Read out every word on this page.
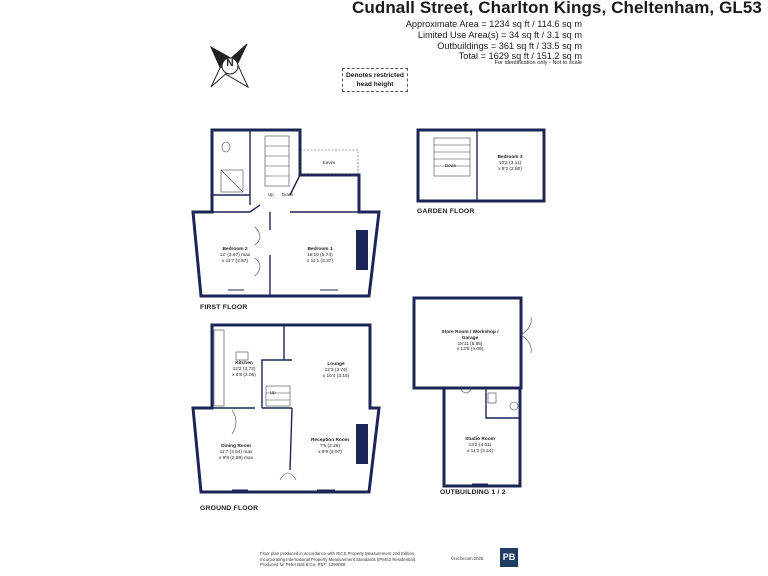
Cudnall Street, Charlton Kings, Cheltenham, GL53
Approximate Area = 1234 sq ft / 114.6 sq m
Limited Use Area(s) = 34 sq ft / 3.1 sq m
Outbuildings = 361 sq ft / 33.5 sq m
Total = 1629 sq ft / 151.2 sq m
For identification only - Not to scale
Denotes restricted
head height
N
FIRST FLOOR
GROUND FLOOR
GARDEN FLOOR
OUTBUILDING 1 / 2
Bedroom 2
12' (3.67) max
x 11'7 (3.57)
Bedroom 1
18'10 (5.74)
x 11'1 (3.37)
Bedroom 3
10'2 (3.11)
x 9'2 (2.80)
Kitchen
12'2 (3.72)
x 6'8 (2.06)
Lounge
12'3 (3.74)
x 10'4 (3.15)
Dining Room
11'7 (3.54) max
x 9'9 (2.98) max
Reception Room
7'5 (2.26)
x 9'9 (2.97)
Store Room / Workshop /
Garage
18'11 (5.85)
x 13'5 (4.09)
Studio Room
13'2 (4.01)
x 11'3 (3.44)
Eaves
Up Down
Up
Down
Floor plan produced in accordance with RICS Property Measurement 2nd Edition,
Incorporating International Property Measurement Standards (IPMS2 Residential).
Produced for Peter Ball & Co. REF: 1390088
©nichecom 2025.	PB
